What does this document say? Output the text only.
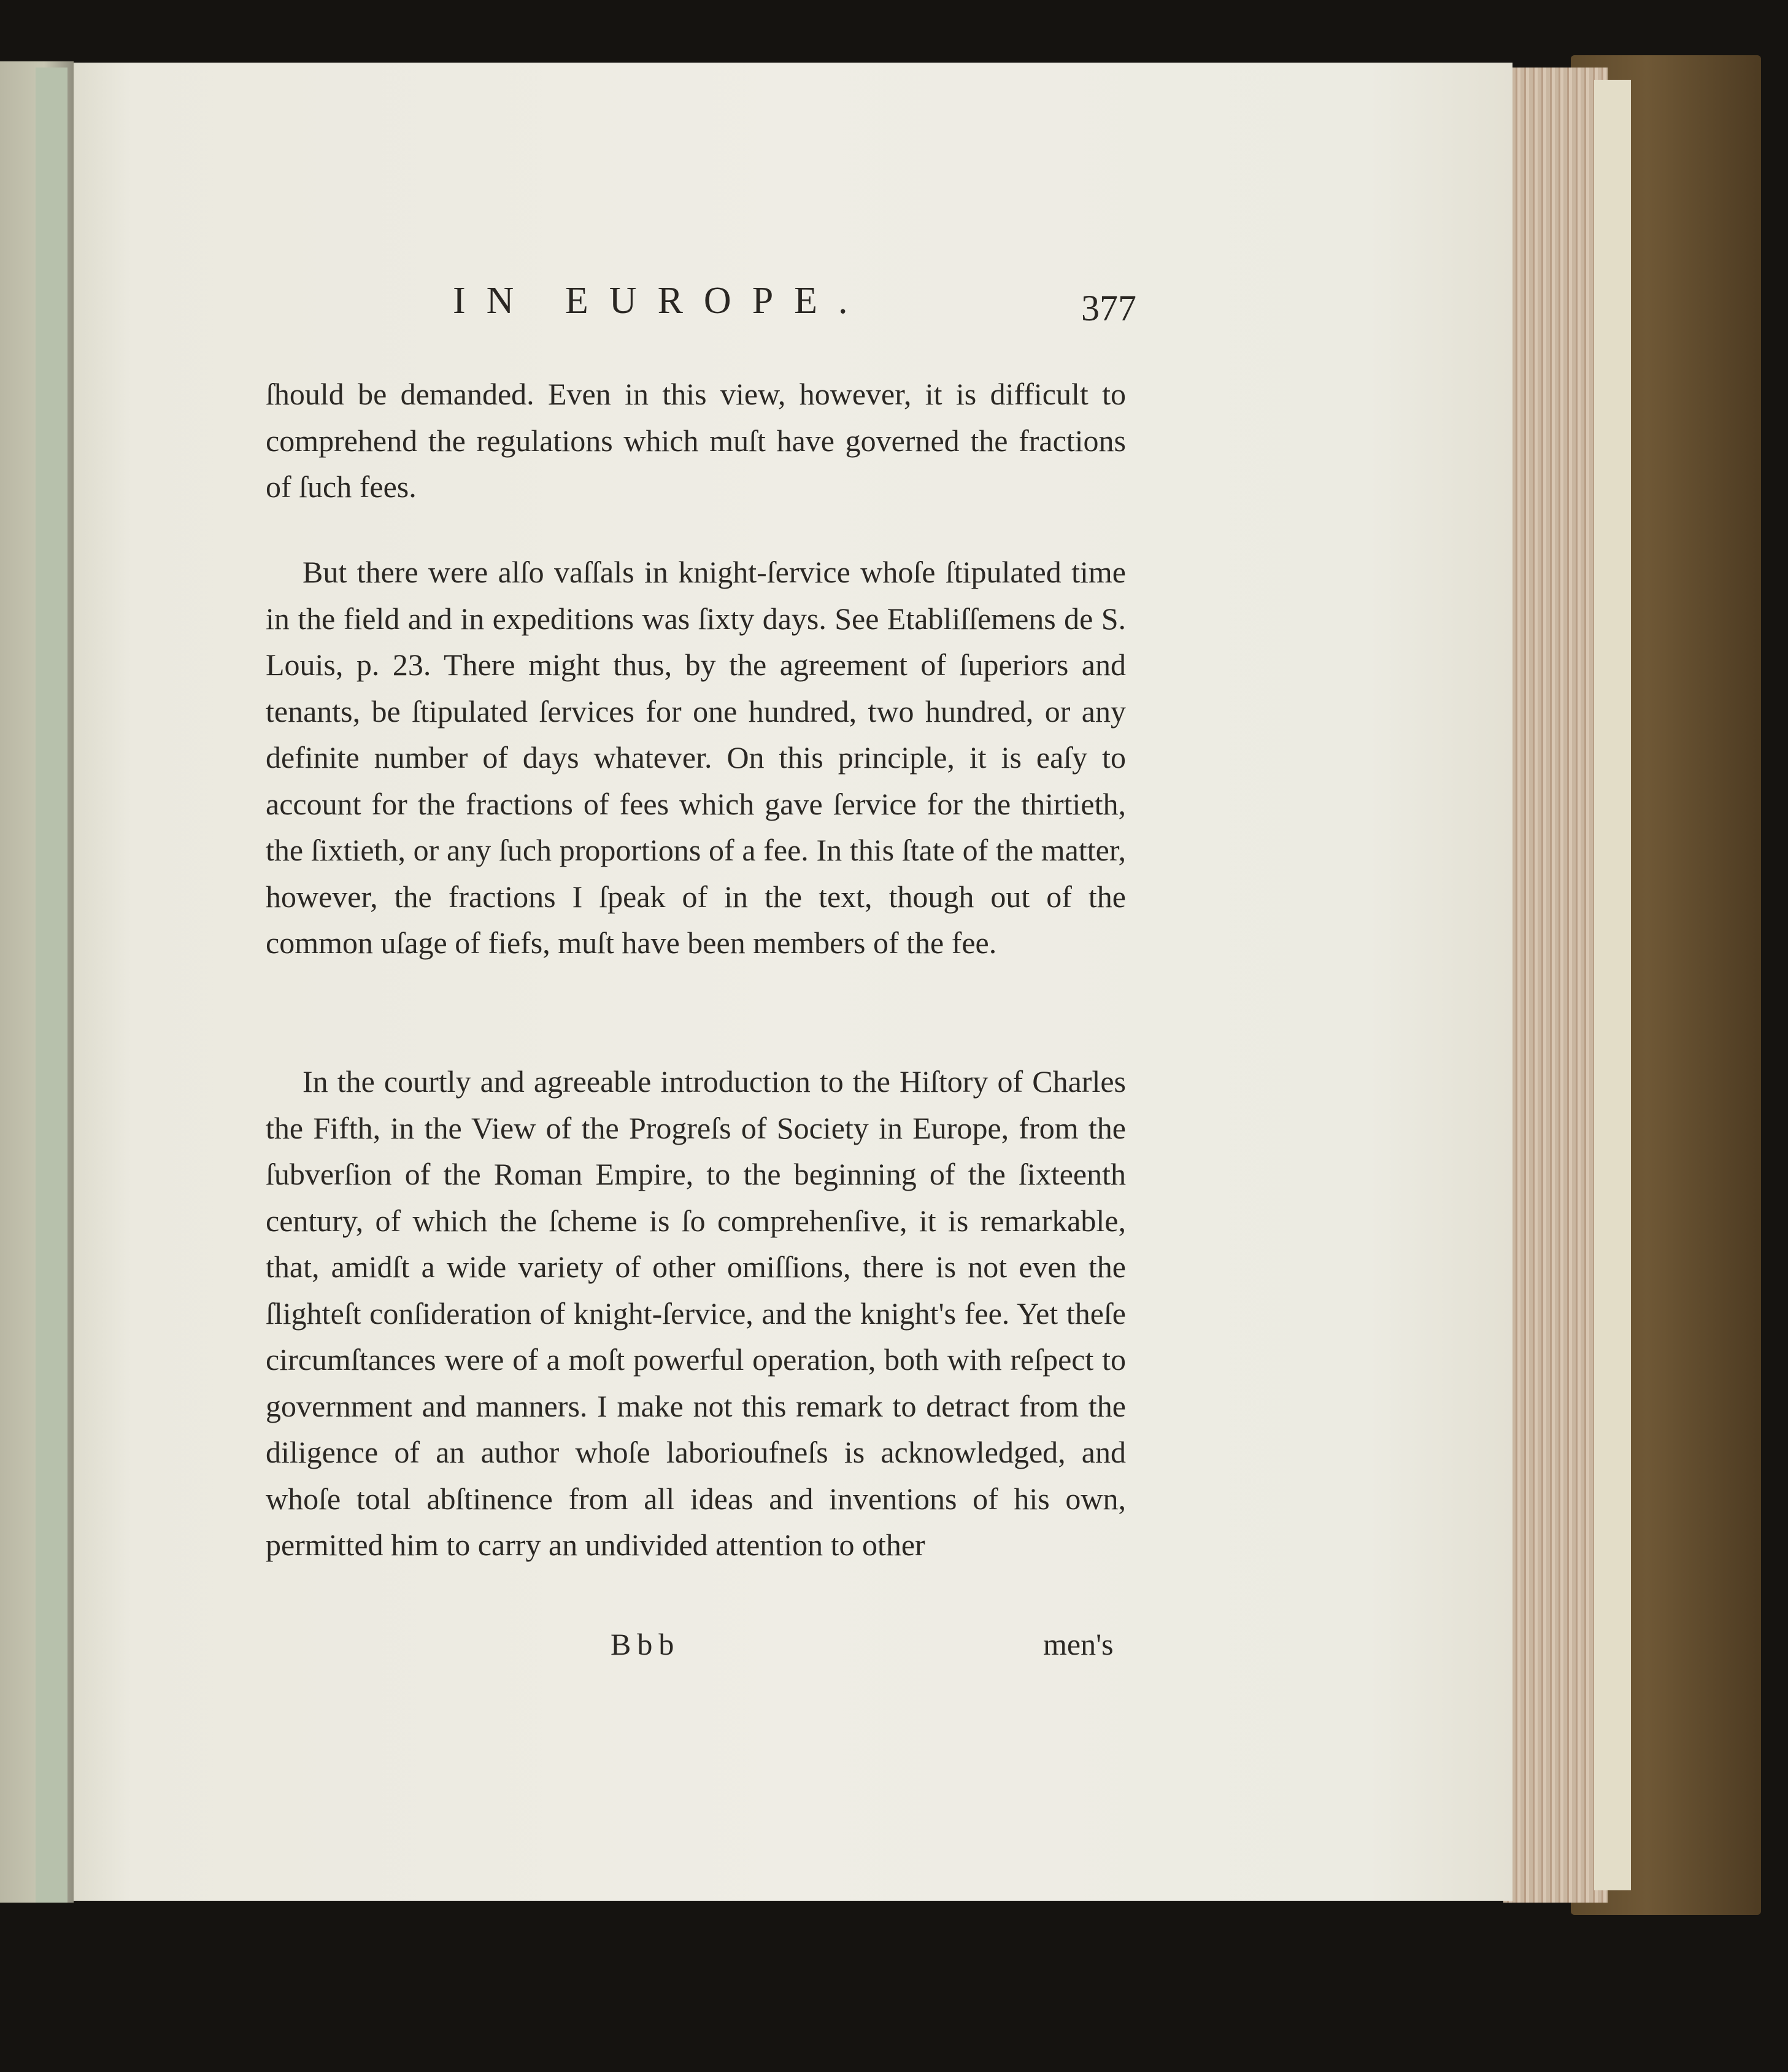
IN EUROPE.	377

ſhould be demanded. Even in this view, however, it is difficult to comprehend the regulations which muſt have governed the fractions of ſuch fees.

But there were alſo vaſſals in knight-ſervice whoſe ſtipulated time in the field and in expeditions was ſixty days. See Etabliſſemens de S. Louis, p. 23. There might thus, by the agreement of ſuperiors and tenants, be ſtipulated ſervices for one hundred, two hundred, or any definite number of days whatever. On this principle, it is eaſy to account for the fractions of fees which gave ſervice for the thirtieth, the ſixtieth, or any ſuch proportions of a fee. In this ſtate of the matter, however, the fractions I ſpeak of in the text, though out of the common uſage of fiefs, muſt have been members of the fee.

In the courtly and agreeable introduction to the Hiſtory of Charles the Fifth, in the View of the Progreſs of Society in Europe, from the ſubverſion of the Roman Empire, to the beginning of the ſixteenth century, of which the ſcheme is ſo comprehenſive, it is remarkable, that, amidſt a wide variety of other omiſſions, there is not even the ſlighteſt conſideration of knight-ſervice, and the knight's fee. Yet theſe circumſtances were of a moſt powerful operation, both with reſpect to government and manners. I make not this remark to detract from the diligence of an author whoſe laborioufneſs is acknowledged, and whoſe total abſtinence from all ideas and inventions of his own, permitted him to carry an undivided attention to other

Bbb	men's
